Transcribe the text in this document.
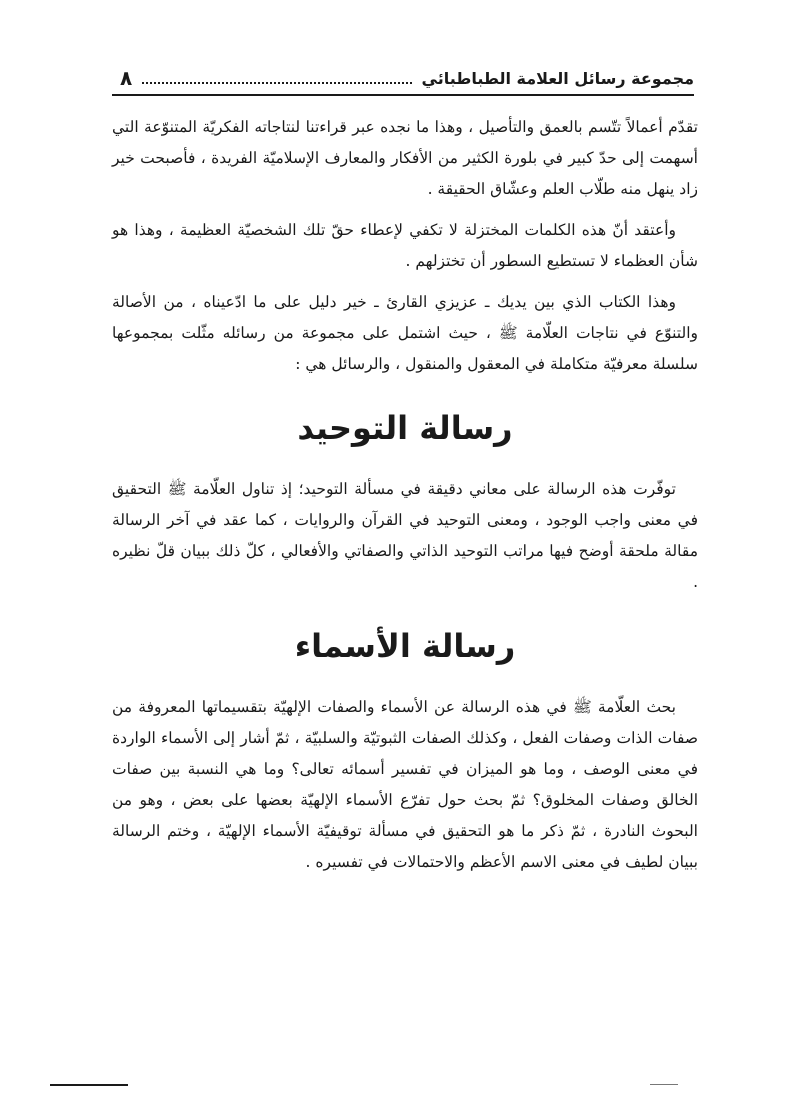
مجموعة رسائل العلامة الطباطبائي
٨

تقدّم أعمالاً تتّسم بالعمق والتأصيل ، وهذا ما نجده عبر قراءتنا لنتاجاته الفكريّة المتنوّعة التي أسهمت إلى حدّ كبير في بلورة الكثير من الأفكار والمعارف الإسلاميّة الفريدة ، فأصبحت خير زاد ينهل منه طلّاب العلم وعشّاق الحقيقة .

وأعتقد أنّ هذه الكلمات المختزلة لا تكفي لإعطاء حقّ تلك الشخصيّة العظيمة ، وهذا هو شأن العظماء لا تستطيع السطور أن تختزلهم .

وهذا الكتاب الذي بين يديك ـ عزيزي القارئ ـ خير دليل على ما ادّعيناه ، من الأصالة والتنوّع في نتاجات العلّامة ﷺ ، حيث اشتمل على مجموعة من رسائله مثّلت بمجموعها سلسلة معرفيّة متكاملة في المعقول والمنقول ، والرسائل هي :

رسالة التوحيد

توفّرت هذه الرسالة على معاني دقيقة في مسألة التوحيد؛ إذ تناول العلّامة ﷺ التحقيق في معنى واجب الوجود ، ومعنى التوحيد في القرآن والروايات ، كما عقد في آخر الرسالة مقالة ملحقة أوضح فيها مراتب التوحيد الذاتي والصفاتي والأفعالي ، كلّ ذلك ببيان قلّ نظيره .

رسالة الأسماء

بحث العلّامة ﷺ في هذه الرسالة عن الأسماء والصفات الإلهيّة بتقسيماتها المعروفة من صفات الذات وصفات الفعل ، وكذلك الصفات الثبوتيّة والسلبيّة ، ثمّ أشار إلى الأسماء الواردة في معنى الوصف ، وما هو الميزان في تفسير أسمائه تعالى؟ وما هي النسبة بين صفات الخالق وصفات المخلوق؟ ثمّ بحث حول تفرّع الأسماء الإلهيّة بعضها على بعض ، وهو من البحوث النادرة ، ثمّ ذكر ما هو التحقيق في مسألة توقيفيّة الأسماء الإلهيّة ، وختم الرسالة ببيان لطيف في معنى الاسم الأعظم والاحتمالات في تفسيره .
